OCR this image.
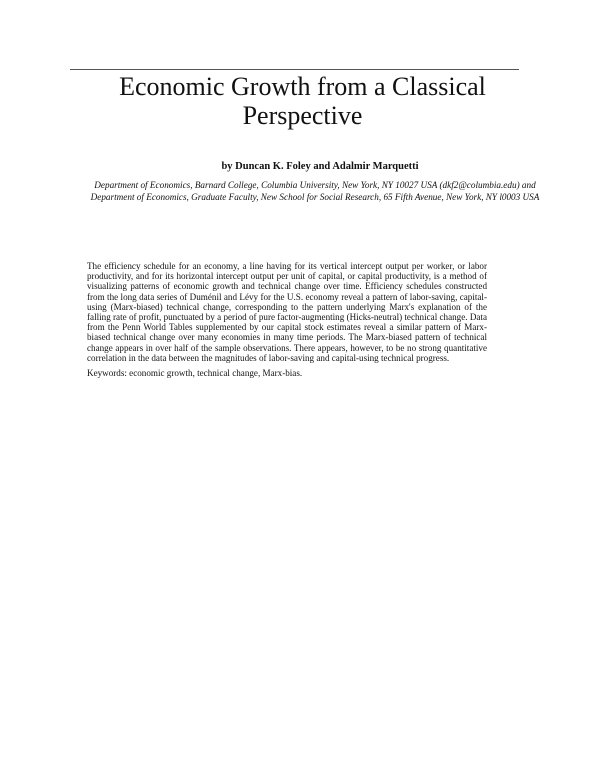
Economic Growth from a Classical Perspective

by Duncan K. Foley and Adalmir Marquetti

Department of Economics, Barnard College, Columbia University, New York, NY 10027 USA (dkf2@columbia.edu) and Department of Economics, Graduate Faculty, New School for Social Research, 65 Fifth Avenue, New York, NY l0003 USA

The efficiency schedule for an economy, a line having for its vertical intercept output per worker, or labor productivity, and for its horizontal intercept output per unit of capital, or capital productivity, is a method of visualizing patterns of economic growth and technical change over time. Efficiency schedules constructed from the long data series of Duménil and Lévy for the U.S. economy reveal a pattern of labor-saving, capital-using (Marx-biased) technical change, corresponding to the pattern underlying Marx's explanation of the falling rate of profit, punctuated by a period of pure factor-augmenting (Hicks-neutral) technical change. Data from the Penn World Tables supplemented by our capital stock estimates reveal a similar pattern of Marx-biased technical change over many economies in many time periods. The Marx-biased pattern of technical change appears in over half of the sample observations. There appears, however, to be no strong quantitative correlation in the data between the magnitudes of labor-saving and capital-using technical progress.

Keywords: economic growth, technical change, Marx-bias.
